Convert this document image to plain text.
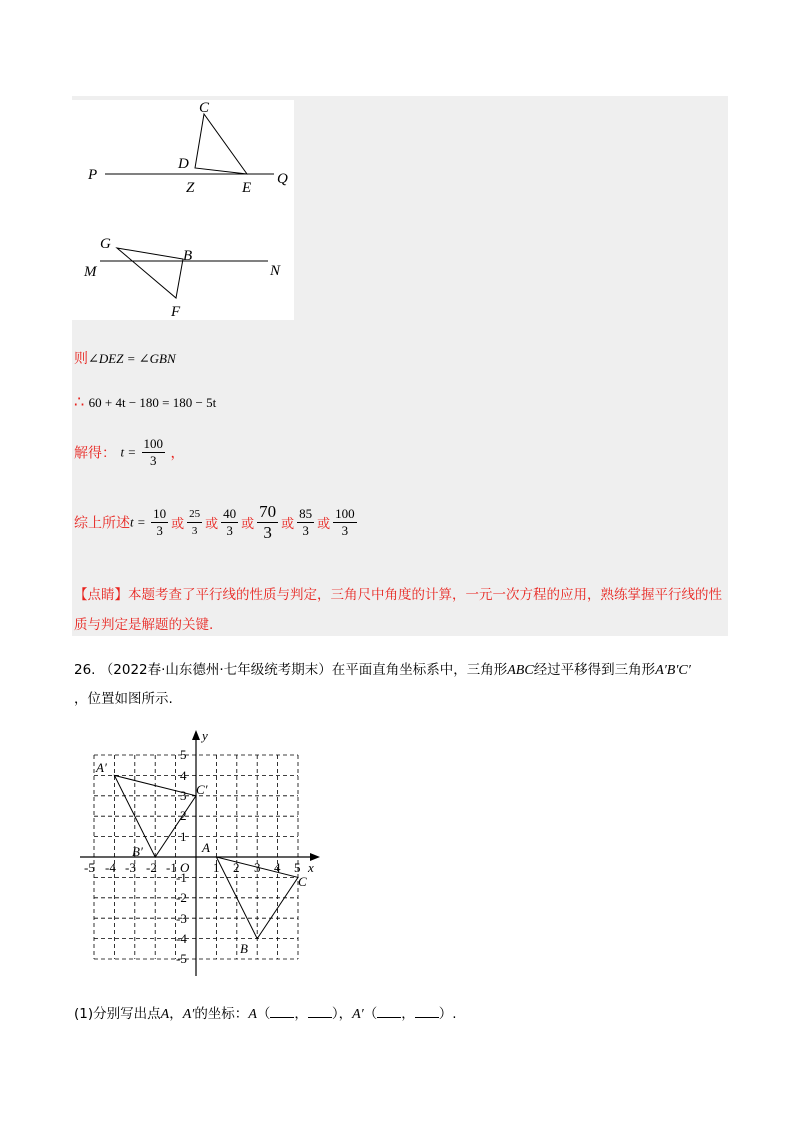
C
D
P
Z	E
Q
G
B
M	N
F
则∠DEZ = ∠GBN
∴ 60 + 4t − 180 = 180 − 5t
解得： $t = \frac{100}{3}$ ，
综上所述$t = \frac{10}{3}$ 或 $\frac{25}{3}$ 或 $\frac{40}{3}$ 或 $\frac{70}{3}$ 或 $\frac{85}{3}$ 或 $\frac{100}{3}$
【点睛】本题考查了平行线的性质与判定，三角尺中角度的计算，一元一次方程的应用，熟练掌握平行线的性质与判定是解题的关键.
26. （2022春·山东德州·七年级统考期末）在平面直角坐标系中，三角形ABC经过平移得到三角形A′B′C′
，位置如图所示.
x
y
O
-5 -4 -3 -2 -1	1 2 3 4 5
5
4
3
2
1
-1
-2
-3
-4
-5
A
B
C
A′
B′
C′
(1)分别写出点A，A′的坐标：A（ ， ），A′（ ， ）.
